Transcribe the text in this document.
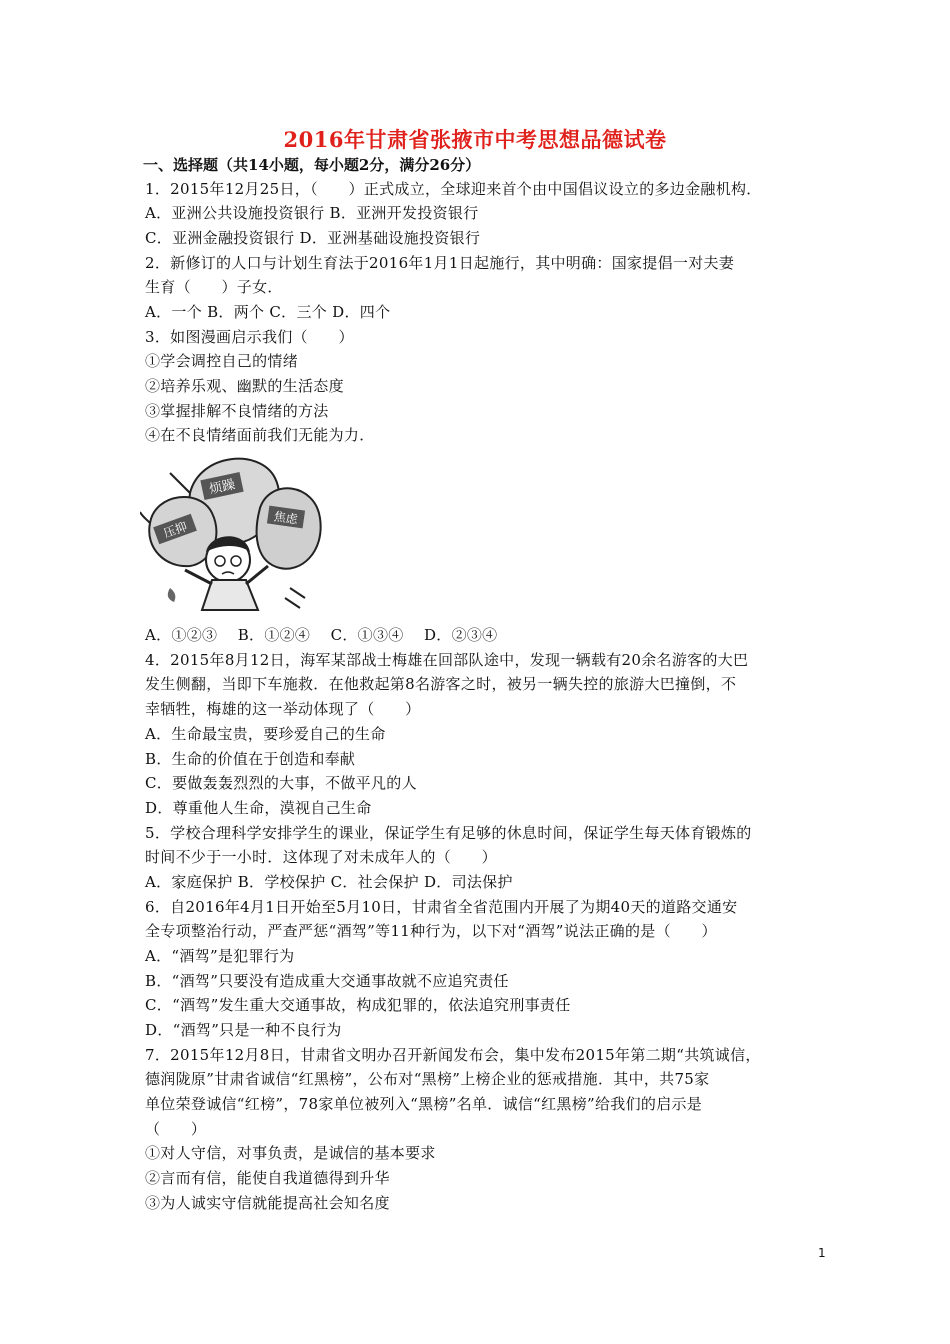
2016年甘肃省张掖市中考思想品德试卷
一、选择题（共14小题，每小题2分，满分26分）
1．2015年12月25日，（　　）正式成立，全球迎来首个由中国倡议设立的多边金融机构．
A．亚洲公共设施投资银行 B．亚洲开发投资银行
C．亚洲金融投资银行 D．亚洲基础设施投资银行
2．新修订的人口与计划生育法于2016年1月1日起施行，其中明确：国家提倡一对夫妻
生育（　　）子女．
A．一个 B．两个 C．三个 D．四个
3．如图漫画启示我们（　　）
①学会调控自己的情绪
②培养乐观、幽默的生活态度
③掌握排解不良情绪的方法
④在不良情绪面前我们无能为力．
烦躁
压抑
焦虑
A．①②③　 B．①②④　 C．①③④　 D．②③④
4．2015年8月12日，海军某部战士梅雄在回部队途中，发现一辆载有20余名游客的大巴
发生侧翻，当即下车施救．在他救起第8名游客之时，被另一辆失控的旅游大巴撞倒，不
幸牺牲，梅雄的这一举动体现了（　　）
A．生命最宝贵，要珍爱自己的生命
B．生命的价值在于创造和奉献
C．要做轰轰烈烈的大事，不做平凡的人
D．尊重他人生命，漠视自己生命
5．学校合理科学安排学生的课业，保证学生有足够的休息时间，保证学生每天体育锻炼的
时间不少于一小时．这体现了对未成年人的（　　）
A．家庭保护 B．学校保护 C．社会保护 D．司法保护
6．自2016年4月1日开始至5月10日，甘肃省全省范围内开展了为期40天的道路交通安
全专项整治行动，严查严惩“酒驾”等11种行为，以下对“酒驾”说法正确的是（　　）
A．“酒驾”是犯罪行为
B．“酒驾”只要没有造成重大交通事故就不应追究责任
C．“酒驾”发生重大交通事故，构成犯罪的，依法追究刑事责任
D．“酒驾”只是一种不良行为
7．2015年12月8日，甘肃省文明办召开新闻发布会，集中发布2015年第二期“共筑诚信，
德润陇原”甘肃省诚信“红黑榜”，公布对“黑榜”上榜企业的惩戒措施．其中，共75家
单位荣登诚信“红榜”，78家单位被列入“黑榜”名单．诚信“红黑榜”给我们的启示是
（　　）
①对人守信，对事负责，是诚信的基本要求
②言而有信，能使自我道德得到升华
③为人诚实守信就能提高社会知名度
1
